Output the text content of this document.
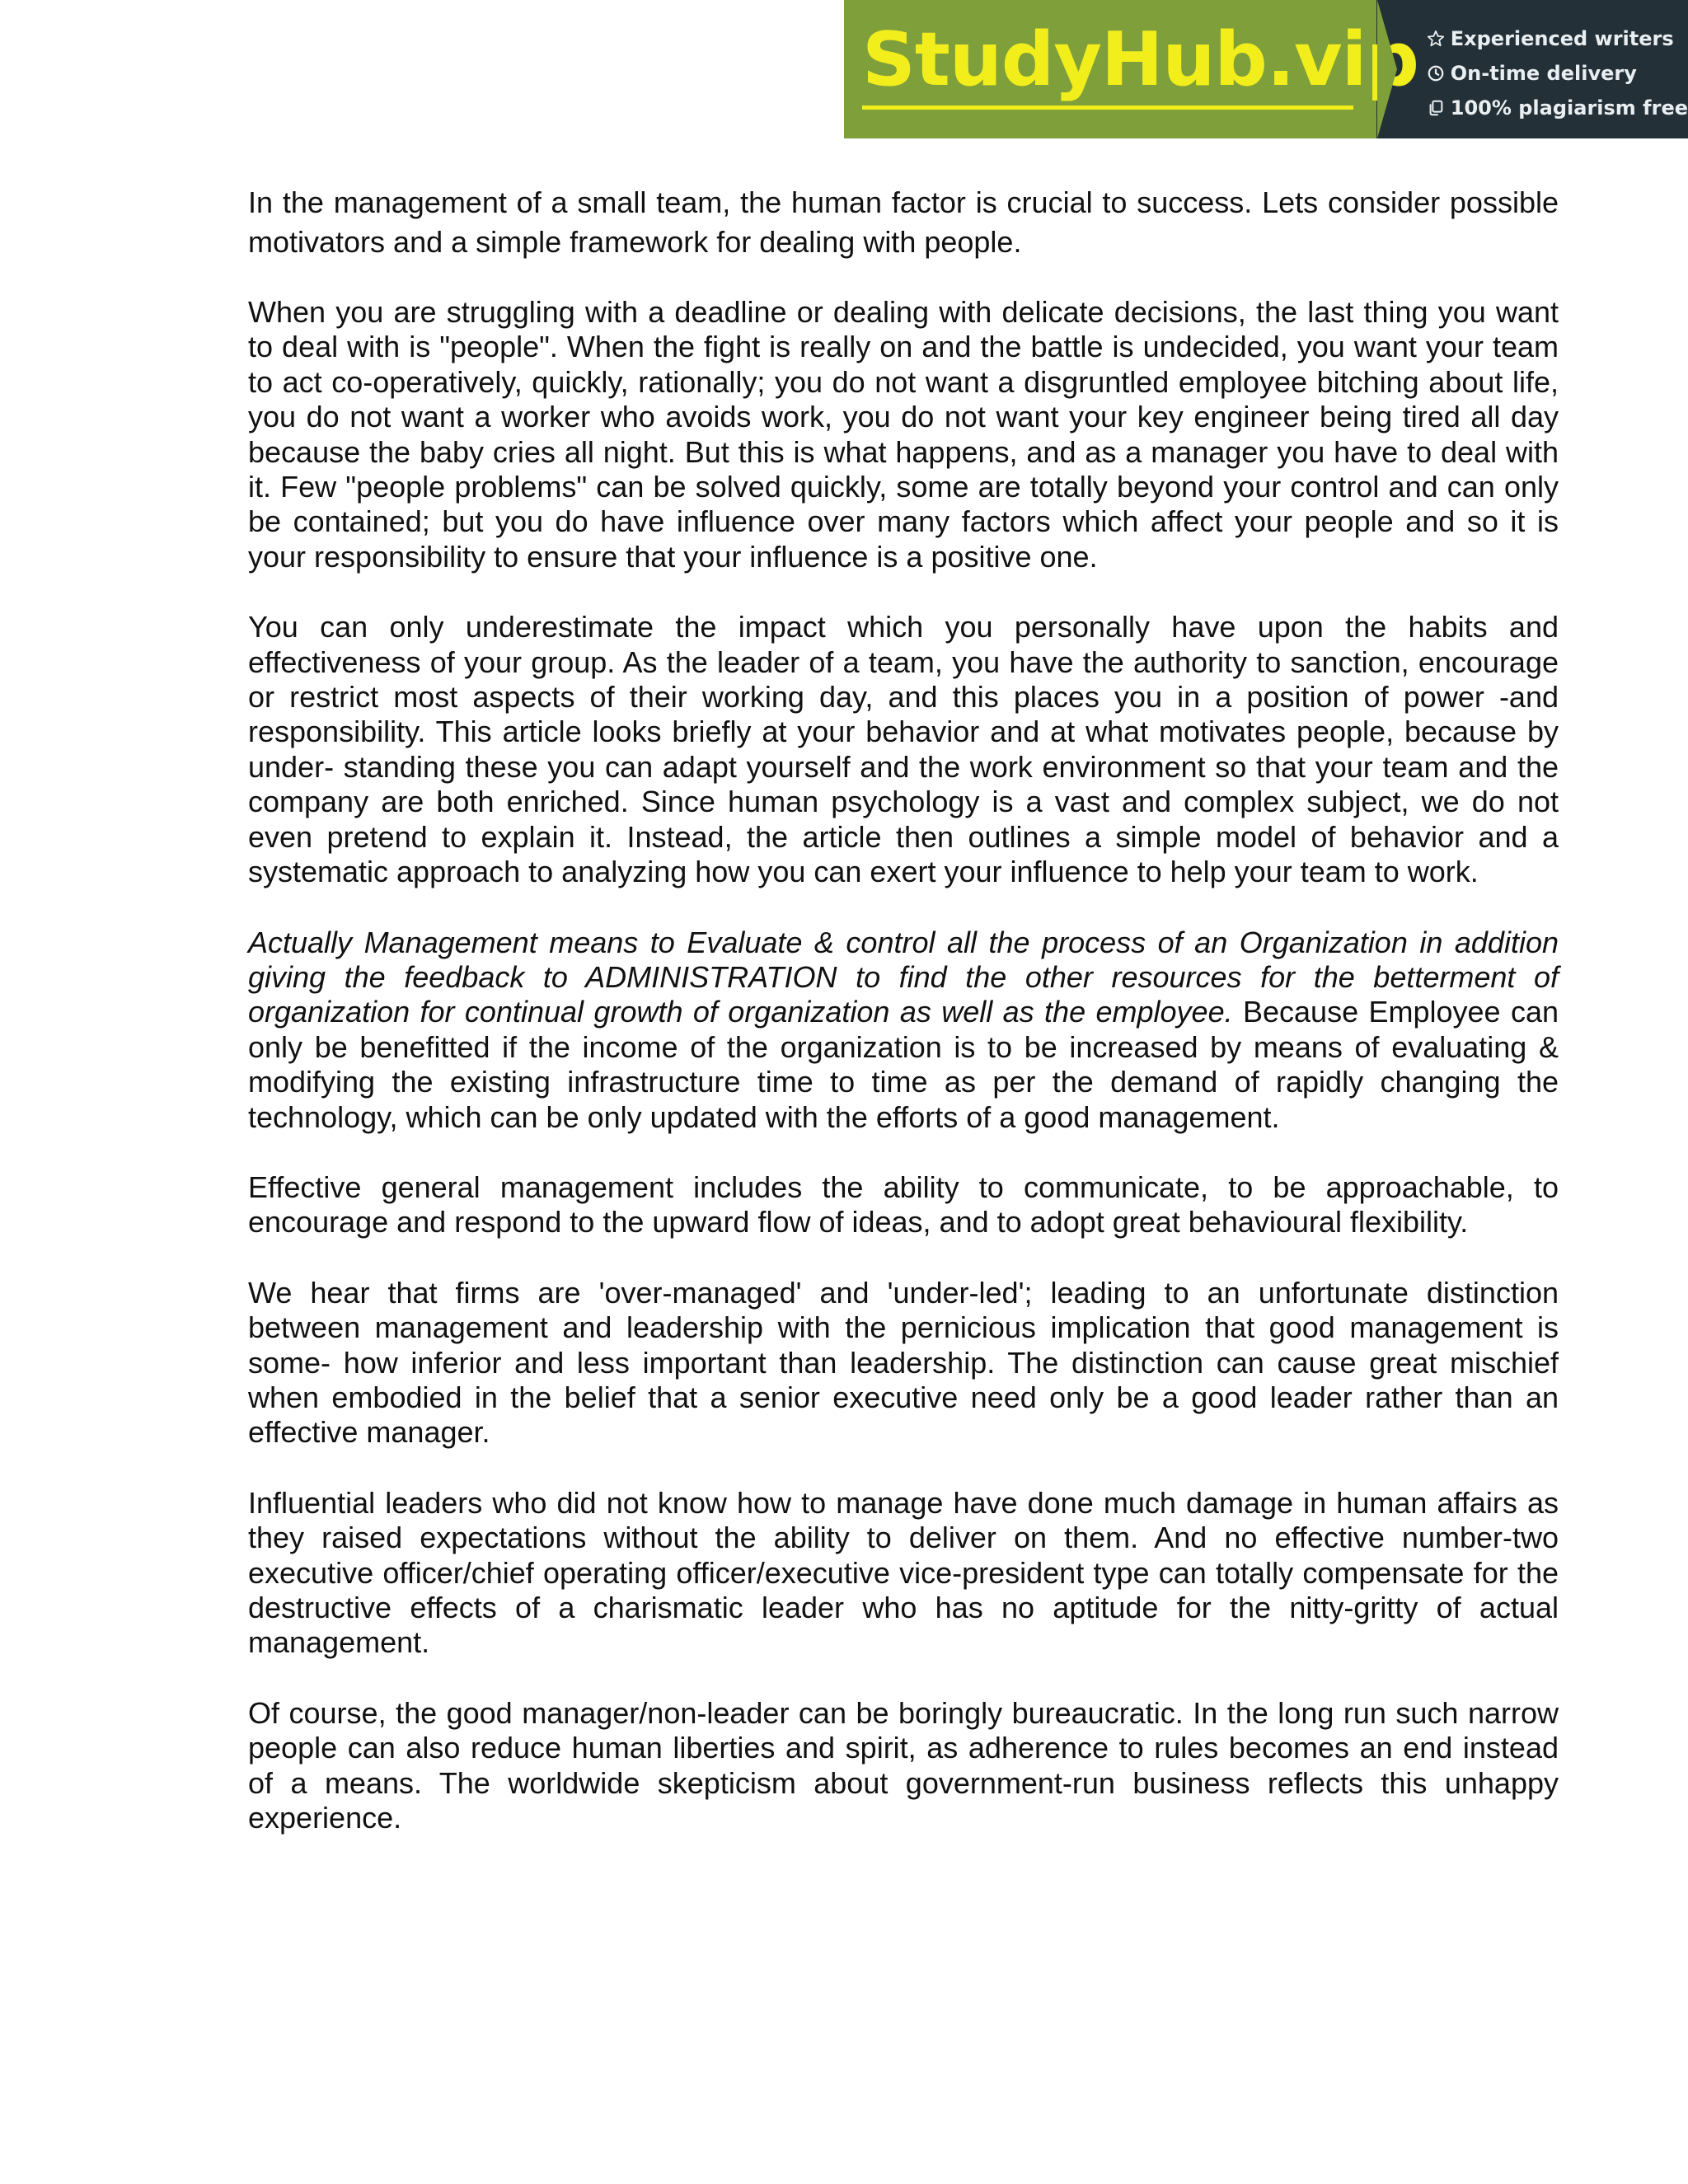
StudyHub.vip Experienced writers
On-time delivery
100% plagiarism free

In the management of a small team, the human factor is crucial to success. Lets consider possible motivators and a simple framework for dealing with people.

When you are struggling with a deadline or dealing with delicate decisions, the last thing you want to deal with is "people". When the fight is really on and the battle is undecided, you want your team to act co-operatively, quickly, rationally; you do not want a disgruntled employee bitching about life, you do not want a worker who avoids work, you do not want your key engineer being tired all day because the baby cries all night. But this is what happens, and as a manager you have to deal with it. Few "people problems" can be solved quickly, some are totally beyond your control and can only be contained; but you do have influence over many factors which affect your people and so it is your responsibility to ensure that your influence is a positive one.

You can only underestimate the impact which you personally have upon the habits and effectiveness of your group. As the leader of a team, you have the authority to sanction, encourage or restrict most aspects of their working day, and this places you in a position of power -and responsibility. This article looks briefly at your behavior and at what motivates people, because by under- standing these you can adapt yourself and the work environment so that your team and the company are both enriched. Since human psychology is a vast and complex subject, we do not even pretend to explain it. Instead, the article then outlines a simple model of behavior and a systematic approach to analyzing how you can exert your influence to help your team to work.

Actually Management means to Evaluate & control all the process of an Organization in addition giving the feedback to ADMINISTRATION to find the other resources for the betterment of organization for continual growth of organization as well as the employee. Because Employee can only be benefitted if the income of the organization is to be increased by means of evaluating & modifying the existing infrastructure time to time as per the demand of rapidly changing the technology, which can be only updated with the efforts of a good management.

Effective general management includes the ability to communicate, to be approachable, to encourage and respond to the upward flow of ideas, and to adopt great behavioural flexibility.

We hear that firms are 'over-managed' and 'under-led'; leading to an unfortunate distinction between management and leadership with the pernicious implication that good management is some- how inferior and less important than leadership. The distinction can cause great mischief when embodied in the belief that a senior executive need only be a good leader rather than an effective manager.

Influential leaders who did not know how to manage have done much damage in human affairs as they raised expectations without the ability to deliver on them. And no effective number-two executive officer/chief operating officer/executive vice-president type can totally compensate for the destructive effects of a charismatic leader who has no aptitude for the nitty-gritty of actual management.

Of course, the good manager/non-leader can be boringly bureaucratic. In the long run such narrow people can also reduce human liberties and spirit, as adherence to rules becomes an end instead of a means. The worldwide skepticism about government-run business reflects this unhappy experience.
